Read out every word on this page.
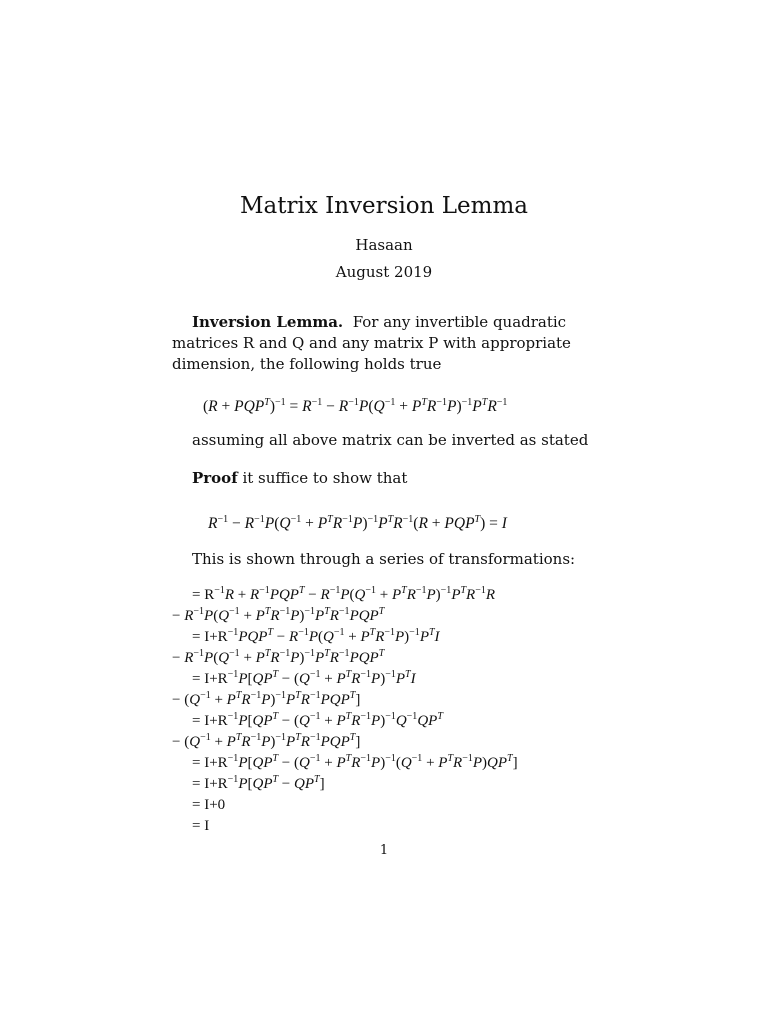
Matrix Inversion Lemma
Hasaan
August 2019
Inversion Lemma. For any invertible quadratic matrices R and Q and any matrix P with appropriate dimension, the following holds true
$(R + PQP^T)^{-1} = R^{-1} - R^{-1}P(Q^{-1} + P^TR^{-1}P)^{-1}P^TR^{-1}$
assuming all above matrix can be inverted as stated
Proof it suffice to show that
$R^{-1} - R^{-1}P(Q^{-1} + P^TR^{-1}P)^{-1}P^TR^{-1}(R + PQP^T) = I$
This is shown through a series of transformations:
= $R^{-1}R + R^{-1}PQP^T - R^{-1}P(Q^{-1} + P^TR^{-1}P)^{-1}P^TR^{-1}R$
− $R^{-1}P(Q^{-1} + P^TR^{-1}P)^{-1}P^TR^{-1}PQP^T$
= $I+R^{-1}PQP^T - R^{-1}P(Q^{-1} + P^TR^{-1}P)^{-1}P^TI$
− $R^{-1}P(Q^{-1} + P^TR^{-1}P)^{-1}P^TR^{-1}PQP^T$
= $I+R^{-1}P[QP^T - (Q^{-1} + P^TR^{-1}P)^{-1}P^TI$
− $(Q^{-1} + P^TR^{-1}P)^{-1}P^TR^{-1}PQP^T$]
= $I+R^{-1}P[QP^T - (Q^{-1} + P^TR^{-1}P)^{-1}Q^{-1}QP^T$
− $(Q^{-1} + P^TR^{-1}P)^{-1}P^TR^{-1}PQP^T$]
= $I+R^{-1}P[QP^T - (Q^{-1} + P^TR^{-1}P)^{-1}(Q^{-1} + P^TR^{-1}P)QP^T]$
= $I+R^{-1}P[QP^T - QP^T]$
= I+0
= I
1
